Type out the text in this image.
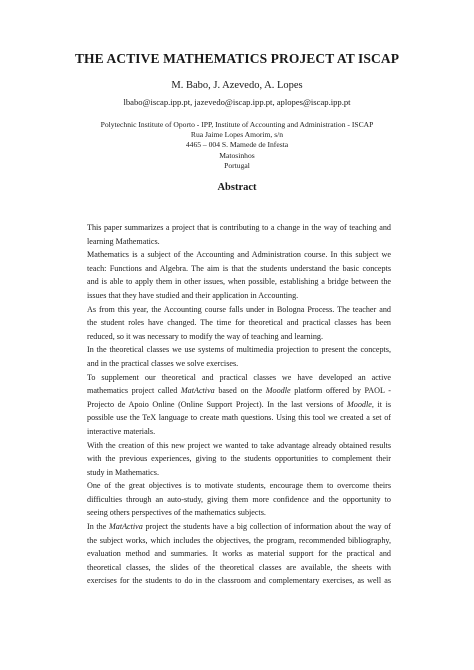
THE ACTIVE MATHEMATICS PROJECT AT ISCAP
M. Babo, J. Azevedo, A. Lopes
lbabo@iscap.ipp.pt, jazevedo@iscap.ipp.pt, aplopes@iscap.ipp.pt
Polytechnic Institute of Oporto - IPP, Institute of Accounting and Administration - ISCAP
Rua Jaime Lopes Amorim, s/n
4465 – 004 S. Mamede de Infesta
Matosinhos
Portugal
Abstract
This paper summarizes a project that is contributing to a change in the way of teaching and
learning Mathematics.
Mathematics is a subject of the Accounting and Administration course. In this subject we
teach: Functions and Algebra. The aim is that the students understand the basic concepts
and is able to apply them in other issues, when possible, establishing a bridge between the
issues that they have studied and their application in Accounting.
As from this year, the Accounting course falls under in Bologna Process. The teacher and
the student roles have changed. The time for theoretical and practical classes has been
reduced, so it was necessary to modify the way of teaching and learning.
In the theoretical classes we use systems of multimedia projection to present the concepts,
and in the practical classes we solve exercises.
To supplement our theoretical and practical classes we have developed an active
mathematics project called MatActiva based on the Moodle platform offered by PAOL -
Projecto de Apoio Online (Online Support Project). In the last versions of Moodle, it is
possible use the TeX language to create math questions. Using this tool we created a set of
interactive materials.
With the creation of this new project we wanted to take advantage already obtained results
with the previous experiences, giving to the students opportunities to complement their
study in Mathematics.
One of the great objectives is to motivate students, encourage them to overcome theirs
difficulties through an auto-study, giving them more confidence and the opportunity to
seeing others perspectives of the mathematics subjects.
In the MatActiva project the students have a big collection of information about the way of
the subject works, which includes the objectives, the program, recommended bibliography,
evaluation method and summaries. It works as material support for the practical and
theoretical classes, the slides of the theoretical classes are available, the sheets with
exercises for the students to do in the classroom and complementary exercises, as well as
